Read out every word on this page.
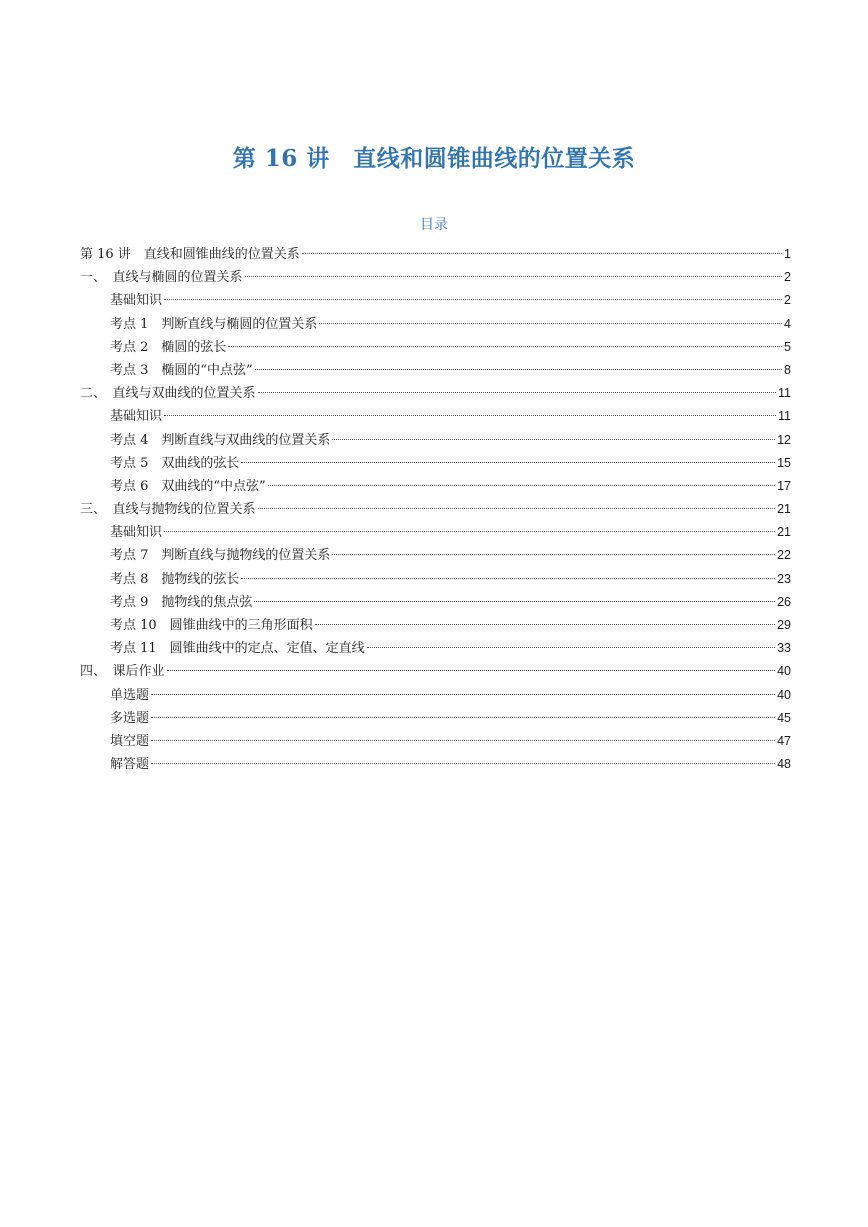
第 16 讲　直线和圆锥曲线的位置关系
目录
第 16 讲　直线和圆锥曲线的位置关系	1
一、　直线与椭圆的位置关系	2
基础知识	2
考点 1　判断直线与椭圆的位置关系	4
考点 2　椭圆的弦长	5
考点 3　椭圆的“中点弦”	8
二、　直线与双曲线的位置关系	11
基础知识	11
考点 4　判断直线与双曲线的位置关系	12
考点 5　双曲线的弦长	15
考点 6　双曲线的“中点弦”	17
三、　直线与抛物线的位置关系	21
基础知识	21
考点 7　判断直线与抛物线的位置关系	22
考点 8　抛物线的弦长	23
考点 9　抛物线的焦点弦	26
考点 10　圆锥曲线中的三角形面积	29
考点 11　圆锥曲线中的定点、定值、定直线	33
四、　课后作业	40
单选题	40
多选题	45
填空题	47
解答题	48
